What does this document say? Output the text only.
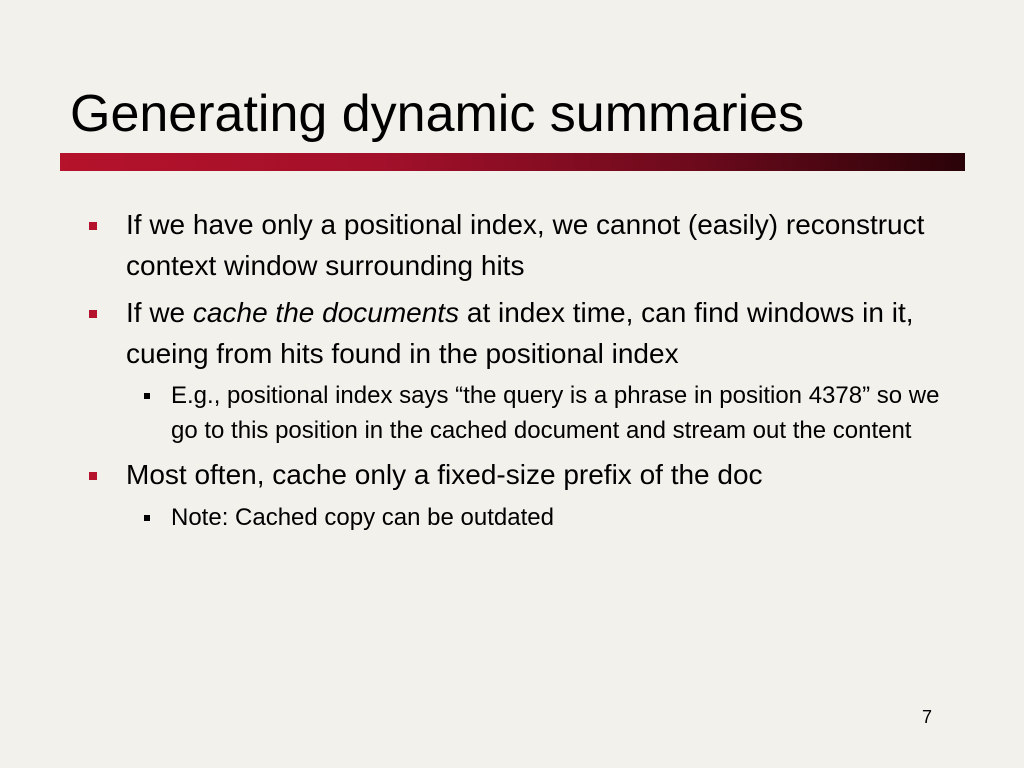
Generating dynamic summaries
If we have only a positional index, we cannot (easily) reconstruct context window surrounding hits
If we cache the documents at index time, can find windows in it, cueing from hits found in the positional index
E.g., positional index says “the query is a phrase in position 4378” so we go to this position in the cached document and stream out the content
Most often, cache only a fixed-size prefix of the doc
Note: Cached copy can be outdated
7
